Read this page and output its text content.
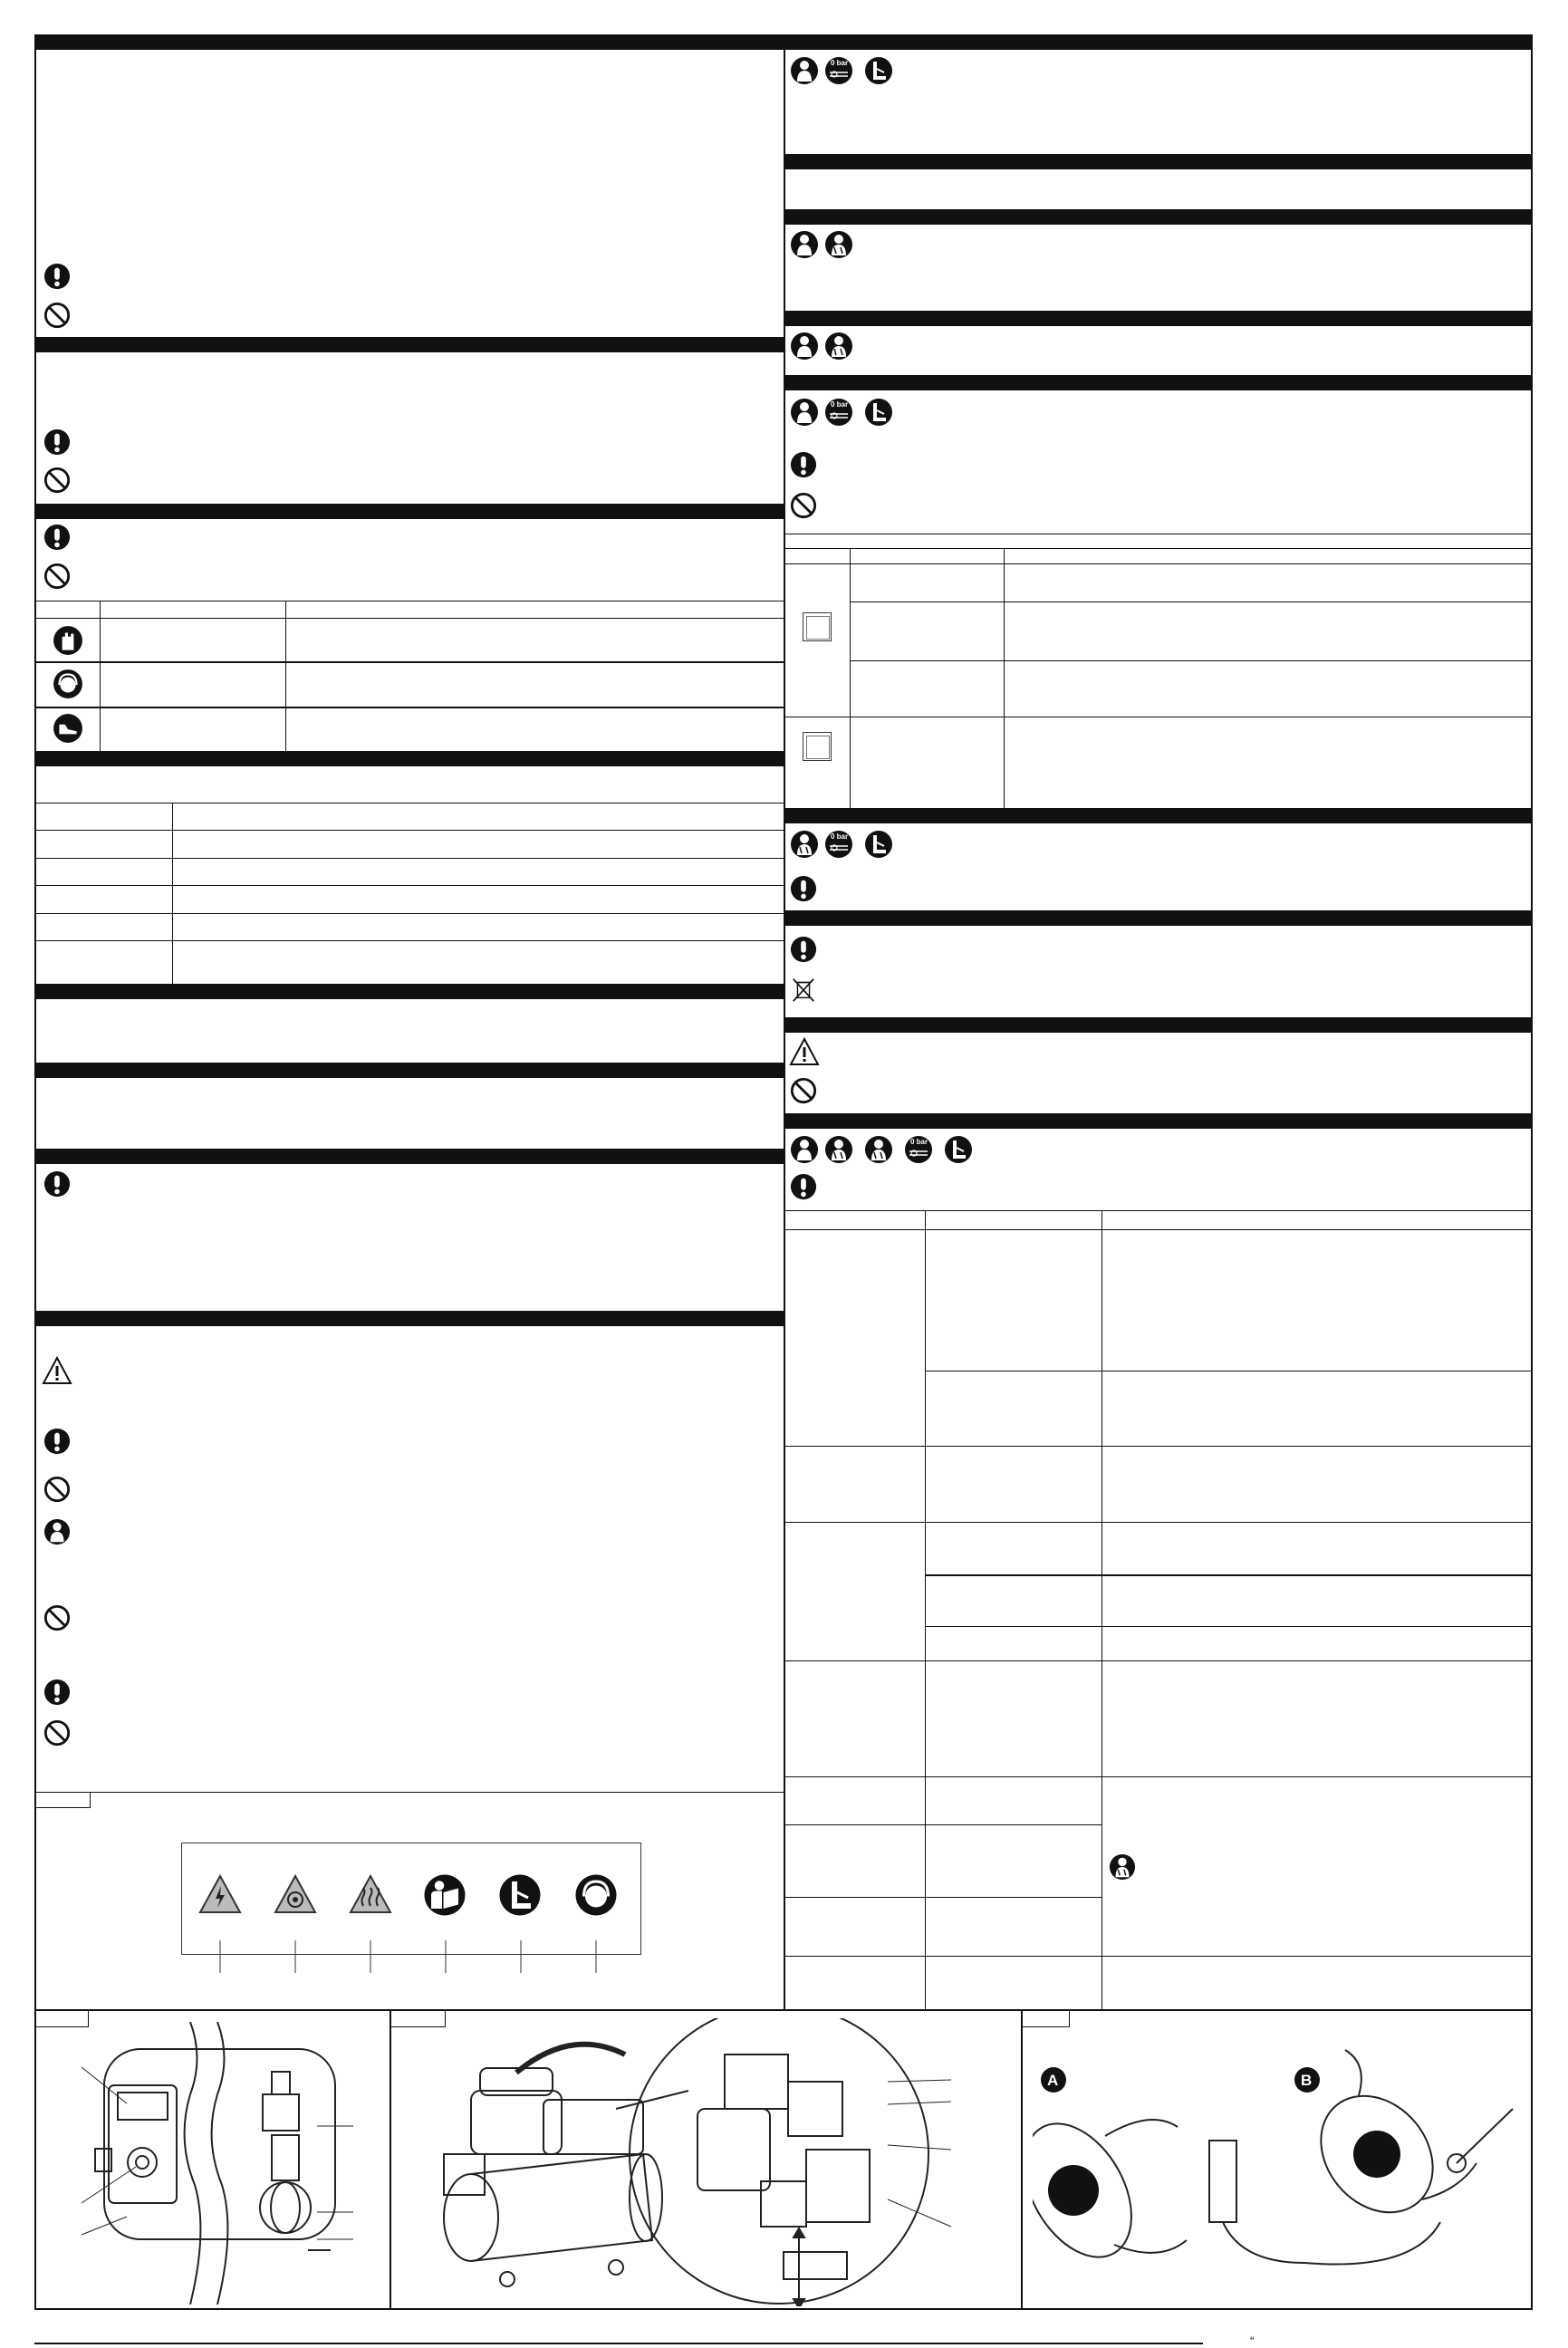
0 bar
0 bar
0 bar
0 bar
A	B
“
